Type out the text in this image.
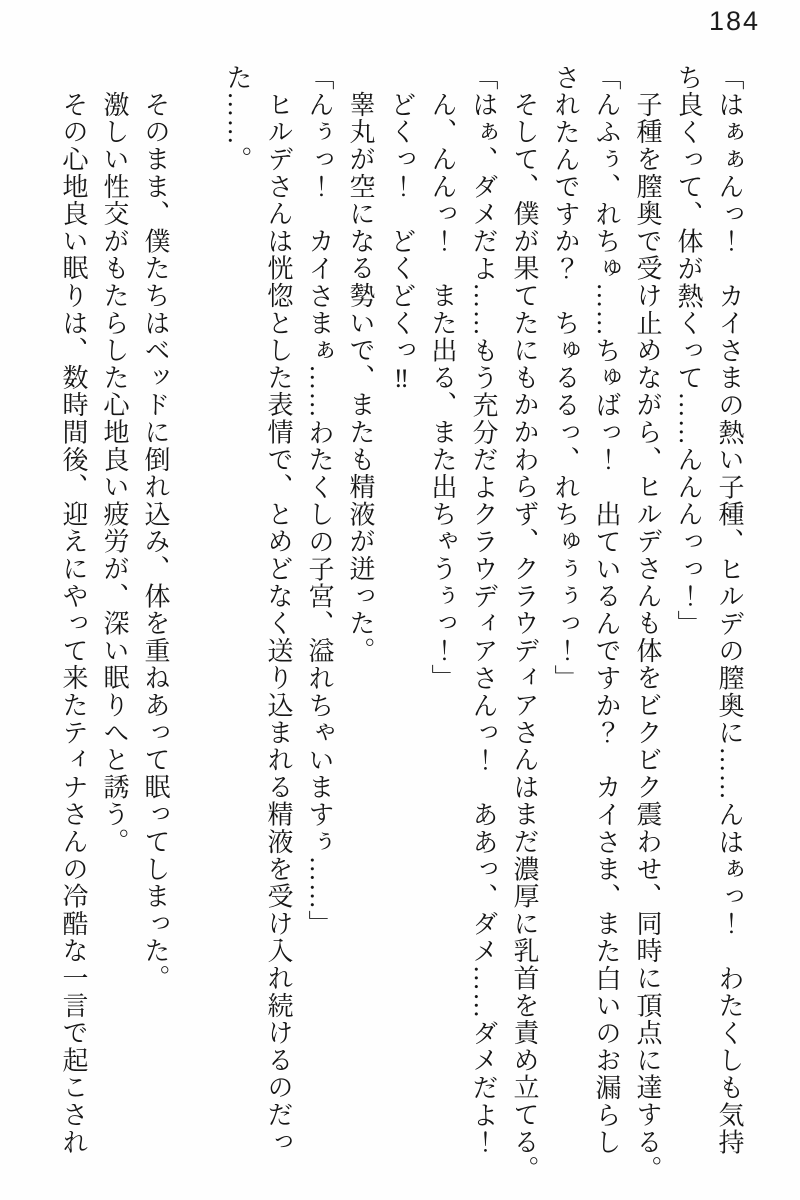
184

「はぁぁんっ！　カイさまの熱い子種、ヒルデの膣奥に……んはぁっ！　わたくしも気持

ち良くって、体が熱くって……んんんっっ！」

子種を膣奥で受け止めながら、ヒルデさんも体をビクビク震わせ、同時に頂点に達する。

「んふぅ、れちゅ……ちゅばっ！　出ているんですか？　カイさま、また白いのお漏らし

されたんですか？　ちゅるるっ、れちゅぅぅっ！」

そして、僕が果てたにもかかわらず、クラウディアさんはまだ濃厚に乳首を責め立てる。

「はぁ、ダメだよ……もう充分だよクラウディアさんっ！　ああっ、ダメ……ダメだよ！

ん、んんっ！　また出る、また出ちゃうぅっ！」

どくっ！　どくどくっ‼

睾丸が空になる勢いで、またも精液が迸った。

「んぅっ！　カイさまぁ……わたくしの子宮、溢れちゃいますぅ……」

ヒルデさんは恍惚とした表情で、とめどなく送り込まれる精液を受け入れ続けるのだっ

た……。

そのまま、僕たちはベッドに倒れ込み、体を重ねあって眠ってしまった。

激しい性交がもたらした心地良い疲労が、深い眠りへと誘う。

その心地良い眠りは、数時間後、迎えにやって来たティナさんの冷酷な一言で起こされ
